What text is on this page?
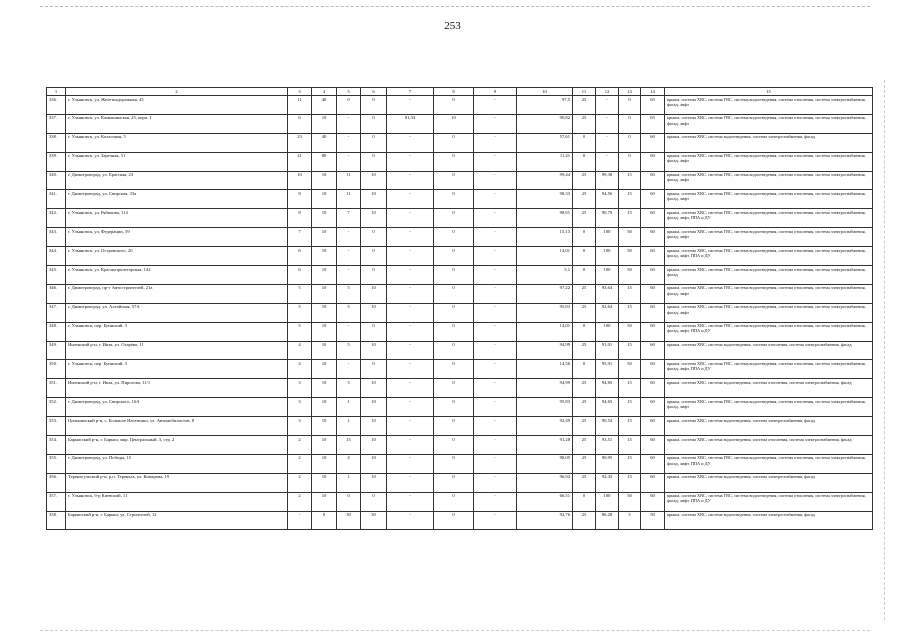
253
1	2	3	4	5	6	7	8	9	10	11	12	13	14	15
336.	г. Ульяновск, ул. Железнодорожная, 45	11	40	0	0	-	0	-	97,5	25	-	0	65	крыша, система ХВС, система ГВС, система водоотведения, система отопления, система электроснабжения, фасад, лифт
337.	г. Ульяновск, ул. Камышинская, 25, корп. 1	6	10	-	0	81,33	10	-	90,82	25	-	0	65	крыша, система ХВС, система ГВС, система водоотведения, система отопления, система электроснабжения, фасад, лифт
338.	г. Ульяновск, ул. Колхозная, 5	23	40	-	0	-	0	-	57,61	0	-	0	60	крыша, система ХВС, система водоотведения, система электроснабжения, фасад
339.	г. Ульяновск, ул. Заречная, 51	21	80	-	0	-	0	-	11,41	0	-	0	60	крыша, система ХВС, система ГВС, система водоотведения, система отопления, система электроснабжения, фасад, лифт
340.	г. Димитровград, ул. Братская, 23	10	10	11	10	-	0	-	99,44	25	99,38	15	60	крыша, система ХВС, система ГВС, система водоотведения, система отопления, система электроснабжения, фасад, лифт
341.	г. Димитровград, ул. Свирская, 33а	8	10	11	10	-	0	-	98,33	25	94,56	15	60	крыша, система ХВС, система ГВС, система водоотведения, система отопления, система электроснабжения, фасад, лифт
342.	г. Ульяновск, ул. Рябикова, 114	8	10	7	10	-	0	-	98,61	25	90,79	15	60	крыша, система ХВС, система ГВС, система водоотведения, система отопления, система электроснабжения, фасад, лифт, ППА и ДУ
343.	г. Ульяновск, ул. Федерации, 59	7	10	-	0	-	0	-	15,13	0	100	50	60	крыша, система ХВС, система ГВС, система водоотведения, система отопления, система электроснабжения, фасад, лифт
344.	г. Ульяновск, ул. Островского, 20	6	10	-	0	-	0	-	14,01	0	100	50	60	крыша, система ХВС, система ГВС, система водоотведения, система отопления, система электроснабжения, фасад, лифт, ППА и ДУ
345.	г. Ульяновск, ул. Краснопролетарская, 142	6	10	-	0	-	0	-	5,1	0	100	50	60	крыша, система ХВС, система ГВС, система водоотведения, система отопления, система электроснабжения, фасад
346.	г. Димитровград, пр-т Автостроителей, 21а	5	10	5	10	-	0	-	97,22	25	93,64	15	60	крыша, система ХВС, система ГВС, система водоотведения, система отопления, система электроснабжения, фасад, лифт
347.	г. Димитровград, ул. Алтайская, 57А	5	10	5	10	-	0	-	95,83	25	92,64	15	60	крыша, система ХВС, система ГВС, система водоотведения, система отопления, система электроснабжения, фасад, лифт
348.	г. Ульяновск, пер. Буинский, 3	5	10	-	0	-	0	-	14,01	0	100	50	60	крыша, система ХВС, система ГВС, система водоотведения, система отопления, система электроснабжения, фасад, лифт, ППА и ДУ
349.	Инзенский р-н, г. Инза, ул. Огарёва, 11	4	10	5	10	-	0	-	94,99	25	91,01	15	60	крыша, система ХВС, система водоотведения, система отопления, система электроснабжения, фасад
350.	г. Ульяновск, пер. Буинский, 3	4	10	-	0	-	0	-	14,56	0	95,91	50	60	крыша, система ХВС, система ГВС, система водоотведения, система отопления, система электроснабжения, фасад, лифт, ППА и ДУ
351.	Инзенский р-н, г. Инза, ул. Пирогова, 11/1	3	10	3	10	-	0	-	94,99	25	94,85	15	60	крыша, система ХВС, система водоотведения, система отопления, система электроснабжения, фасад
352.	г. Димитровград, ул. Свирского, 16А	3	10	1	10	-	0	-	95,83	25	94,65	15	60	крыша, система ХВС, система ГВС, система водоотведения, система отопления, система электроснабжения, фасад, лифт
353.	Цильнинский р-н, с. Большое Нагаткино, ул. Автомобилистов, 8	3	10	1	10	-	0	-	92,49	25	90,54	15	60	крыша, система ХВС, система водоотведения, система электроснабжения, фасад
354.	Барышский р-н, г. Барыш, мкр. Центральный, 3, стр. 2	2	10	15	10	-	0	-	91,28	25	93,51	15	60	крыша, система ХВС, система водоотведения, система отопления, система электроснабжения, фасад
355.	г. Димитровград, ул. Победы, 15	2	10	4	10	-	0	-	98,05	25	90,95	15	60	крыша, система ХВС, система ГВС, система водоотведения, система отопления, система электроснабжения, фасад, лифт, ППА и ДУ
356.	Тереньгульский р-н, р.п. Тереньга, ул. Комарова, 19	2	10	1	10	-	0	-	96,94	25	92,43	15	60	крыша, система ХВС, система водоотведения, система электроснабжения, фасад
357.	г. Ульяновск, б-р Киевский, 11	2	10	0	0	-	0	-	66,51	0	100	50	60	крыша, система ХВС, система ГВС, система водоотведения, система отопления, система электроснабжения, фасад, лифт, ППА и ДУ
358.	Барышский р-н, г. Барыш, ул. Строителей, 12	-	0	30	30	-	0	-	92,76	25	86,28	5	50	крыша, система ХВС, система водоотведения, система электроснабжения, фасад
